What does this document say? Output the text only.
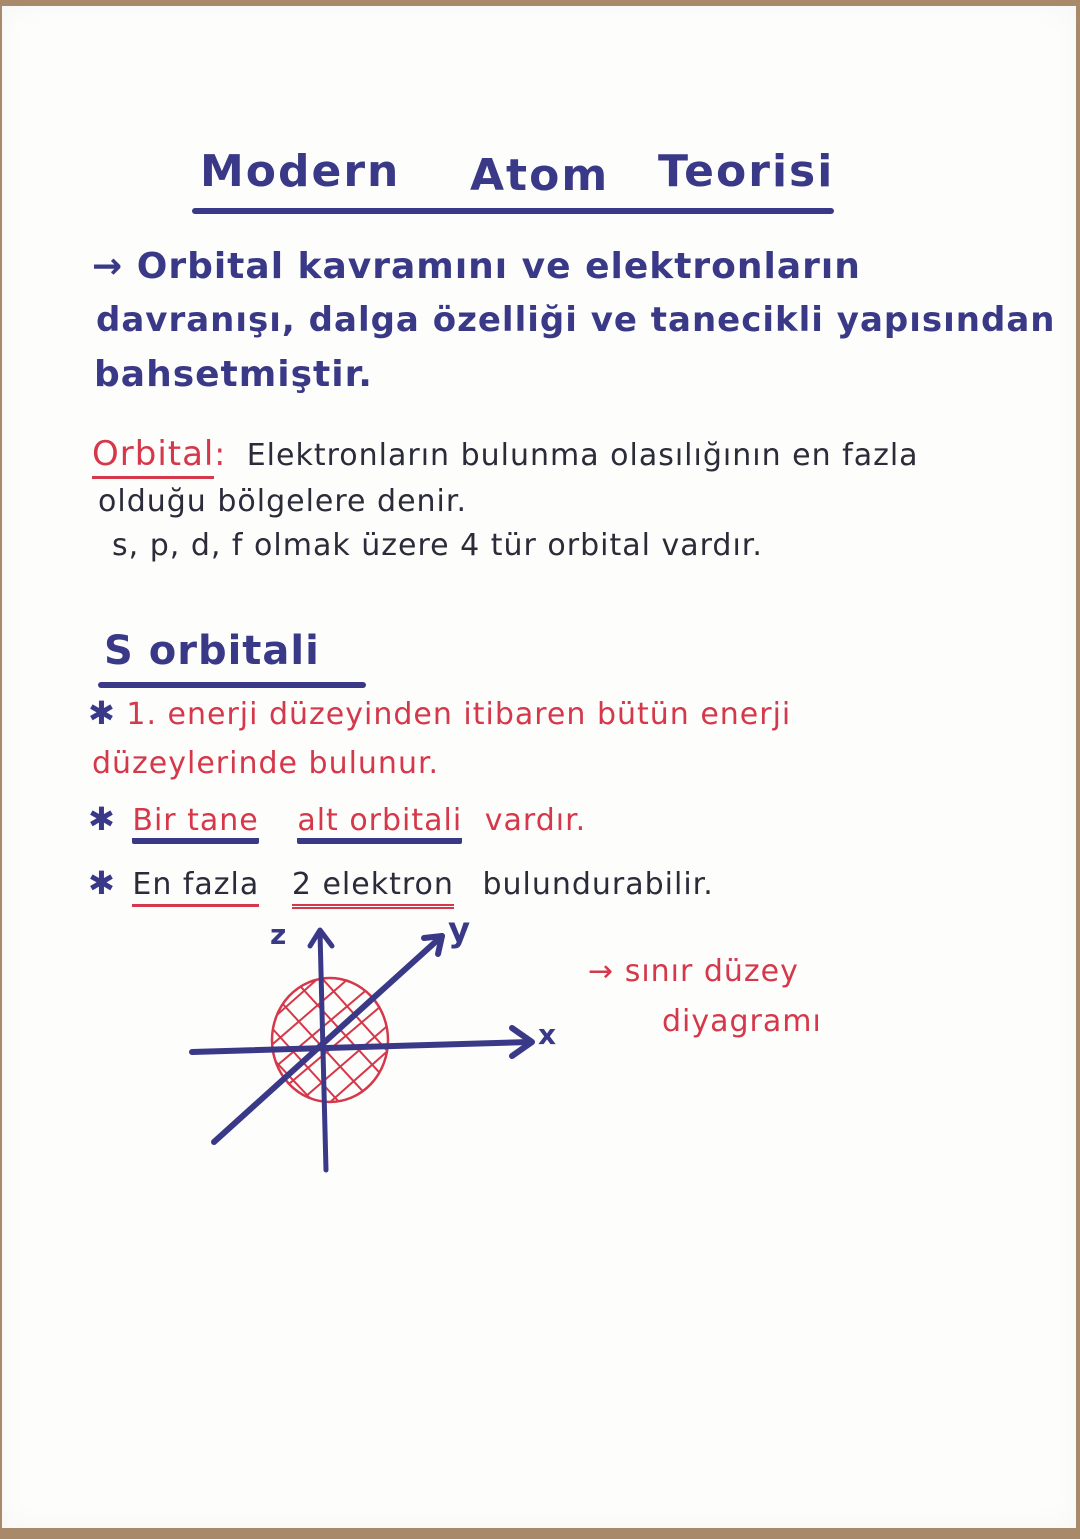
Modern Atom Teorisi
→ Orbital kavramını ve elektronların
davranışı, dalga özelliği ve tanecikli yapısından
bahsetmiştir.
Orbital: Elektronların bulunma olasılığının en fazla
olduğu bölgelere denir.
s, p, d, f olmak üzere 4 tür orbital vardır.
S orbitali
✱ 1. enerji düzeyinden itibaren bütün enerji
düzeylerinde bulunur.
✱ Bir tane alt orbitali vardır.
✱ En fazla 2 elektron bulundurabilir.
z	y
x
→ sınır düzey
diyagramı
